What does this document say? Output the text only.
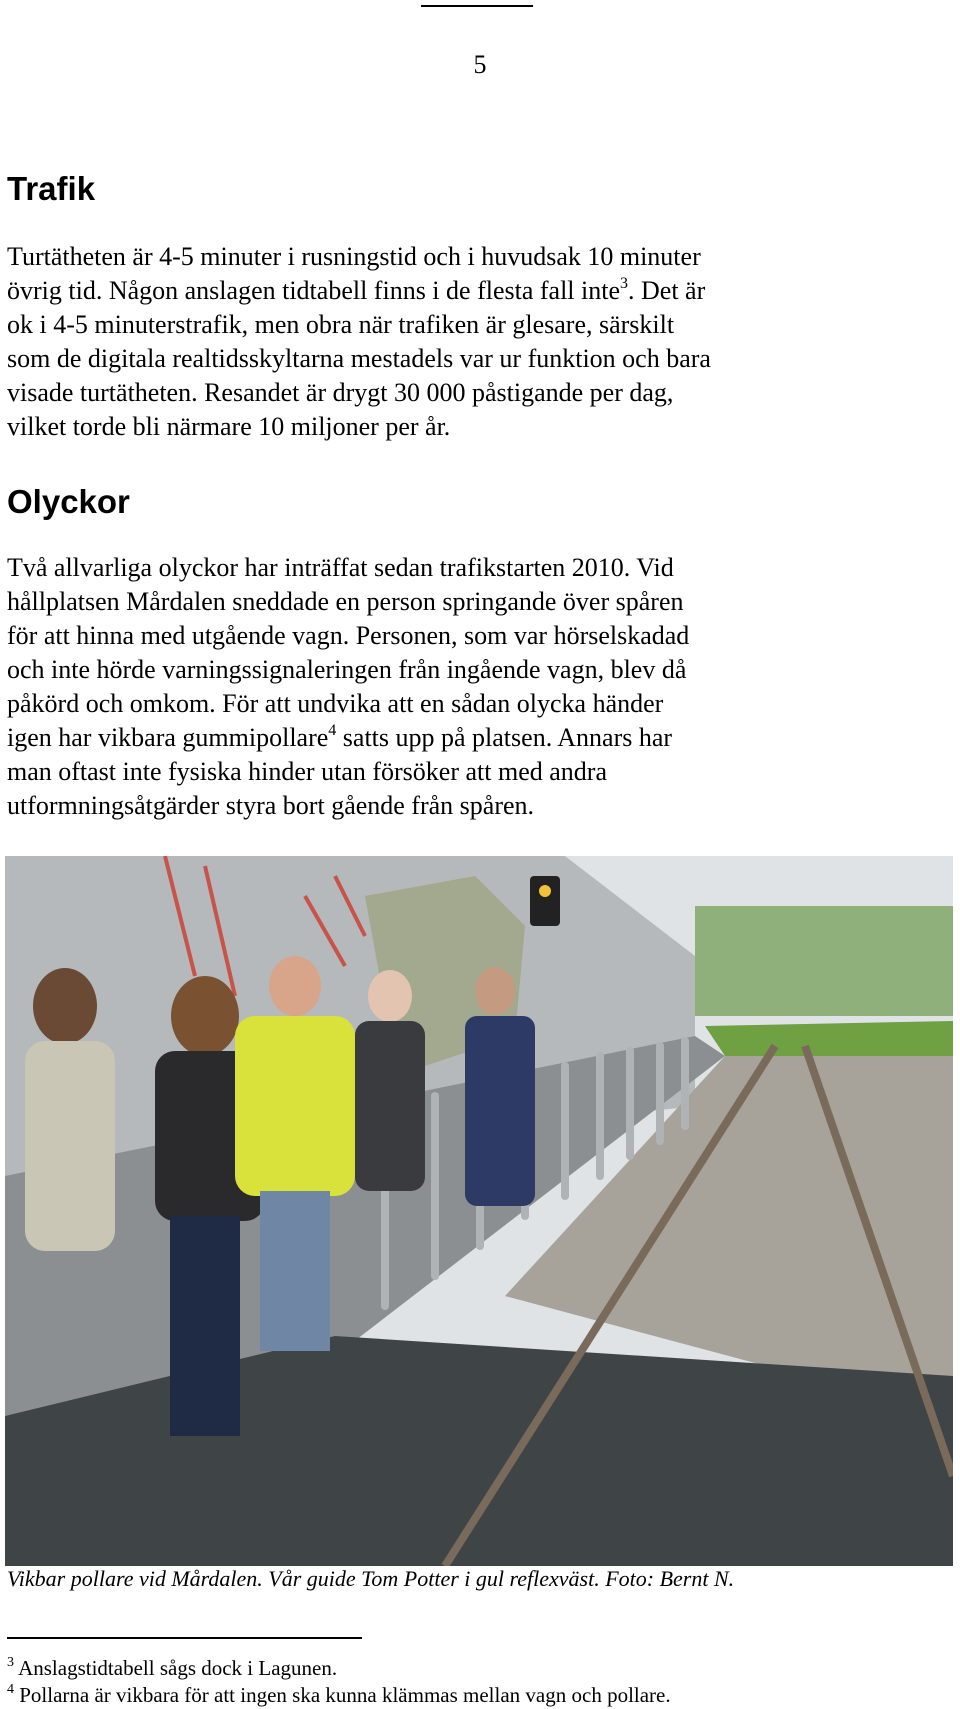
5
Trafik
Turtätheten är 4-5 minuter i rusningstid och i huvudsak 10 minuter
övrig tid. Någon anslagen tidtabell finns i de flesta fall inte$^3$. Det är
ok i 4-5 minuterstrafik, men obra när trafiken är glesare, särskilt
som de digitala realtidsskyltarna mestadels var ur funktion och bara
visade turtätheten. Resandet är drygt 30 000 påstigande per dag,
vilket torde bli närmare 10 miljoner per år.
Olyckor
Två allvarliga olyckor har inträffat sedan trafikstarten 2010. Vid
hållplatsen Mårdalen sneddade en person springande över spåren
för att hinna med utgående vagn. Personen, som var hörselskadad
och inte hörde varningssignaleringen från ingående vagn, blev då
påkörd och omkom. För att undvika att en sådan olycka händer
igen har vikbara gummipollare$^4$ satts upp på platsen. Annars har
man oftast inte fysiska hinder utan försöker att med andra
utformningsåtgärder styra bort gående från spåren.
Vikbar pollare vid Mårdalen. Vår guide Tom Potter i gul reflexväst. Foto: Bernt N.
$^3$ Anslagstidtabell sågs dock i Lagunen.
$^4$ Pollarna är vikbara för att ingen ska kunna klämmas mellan vagn och pollare.
